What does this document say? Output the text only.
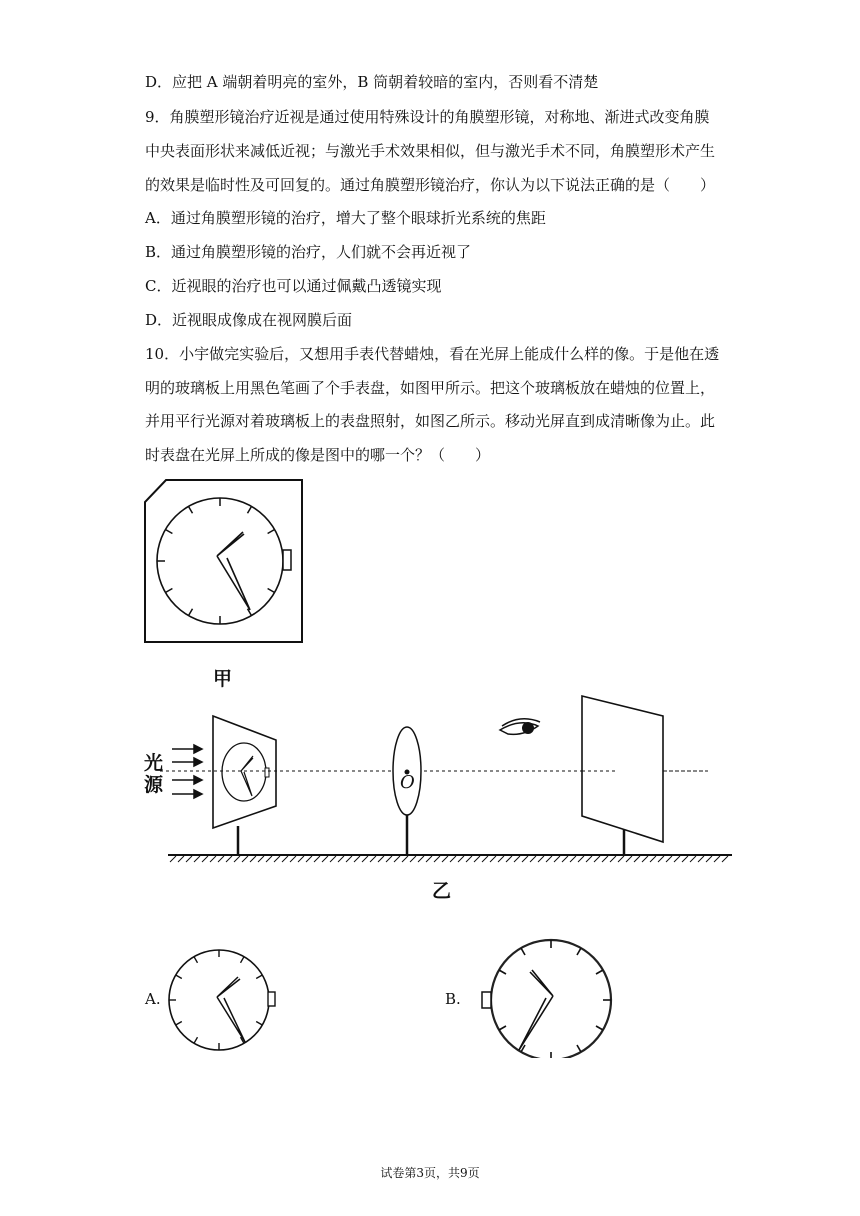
D．应把 A 端朝着明亮的室外，B 筒朝着较暗的室内，否则看不清楚
9．角膜塑形镜治疗近视是通过使用特殊设计的角膜塑形镜，对称地、渐进式改变角膜
中央表面形状来减低近视；与激光手术效果相似，但与激光手术不同，角膜塑形术产生
的效果是临时性及可回复的。通过角膜塑形镜治疗，你认为以下说法正确的是（　　）
A．通过角膜塑形镜的治疗，增大了整个眼球折光系统的焦距
B．通过角膜塑形镜的治疗，人们就不会再近视了
C．近视眼的治疗也可以通过佩戴凸透镜实现
D．近视眼成像成在视网膜后面
10．小宇做完实验后，又想用手表代替蜡烛，看在光屏上能成什么样的像。于是他在透
明的玻璃板上用黑色笔画了个手表盘，如图甲所示。把这个玻璃板放在蜡烛的位置上，
并用平行光源对着玻璃板上的表盘照射，如图乙所示。移动光屏直到成清晰像为止。此
时表盘在光屏上所成的像是图中的哪一个？（　　）
甲
光
源	O
乙
A.	B.
试卷第3页，共9页
